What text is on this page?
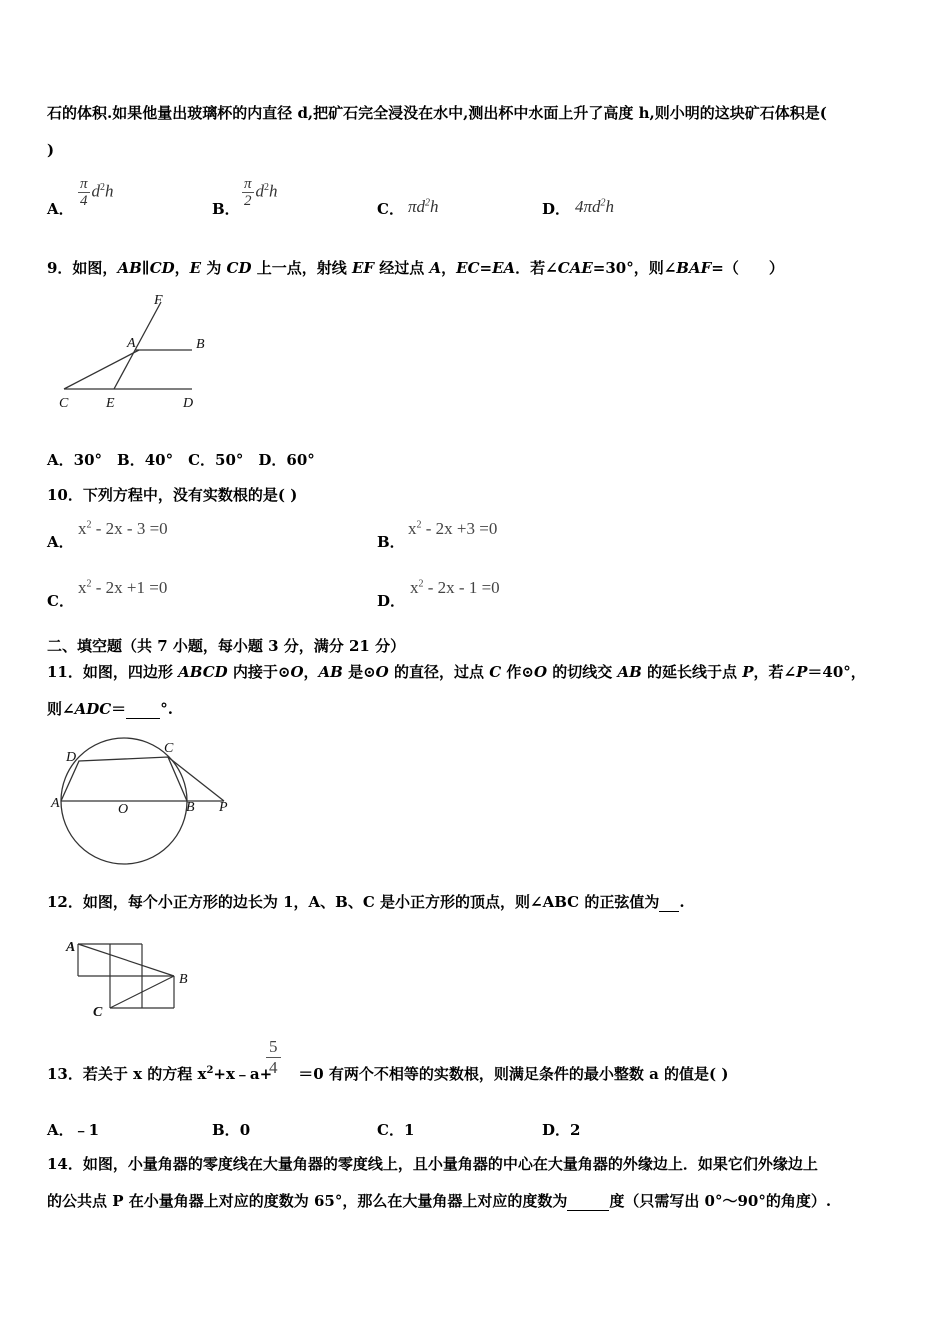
石的体积.如果他量出玻璃杯的内直径 d,把矿石完全浸没在水中,测出杯中水面上升了高度 h,则小明的这块矿石体积是(
)
A． $\frac{\pi}{4} d^2h$
B． $\frac{\pi}{2} d^2h$
C． $\pi d^2h$	D． $4\pi d^2h$
9．如图，AB∥CD，E 为 CD 上一点，射线 EF 经过点 A，EC=EA．若∠CAE=30°，则∠BAF=（　　）
F
A	B
C	E	D
A．30°　B．40°　C．50°　D．60°
10．下列方程中，没有实数根的是( )
A．
$x^2 - 2x - 3 =0$
B．
$x^2 - 2x +3 =0$
C．
$x^2 - 2x +1 =0$
D．
$x^2 - 2x - 1 =0$
二、填空题（共 7 小题，每小题 3 分，满分 21 分）
11．如图，四边形 ABCD 内接于⊙O，AB 是⊙O 的直径，过点 C 作⊙O 的切线交 AB 的延长线于点 P，若∠P＝40°，
则∠ADC＝ °.
D
C
A	O	B P
12．如图，每个小正方形的边长为 1，A、B、C 是小正方形的顶点，则∠ABC 的正弦值为 .
A
B
C
13．若关于 x 的方程 $x^2+x﹣a+ =0$ 有两个不相等的实数根，则满足条件的最小整数 a 的值是( )
$\frac{5}{4}$
A．﹣1	B．0	C．1	D．2
14．如图，小量角器的零度线在大量角器的零度线上，且小量角器的中心在大量角器的外缘边上．如果它们外缘边上
的公共点 P 在小量角器上对应的度数为 65°，那么在大量角器上对应的度数为	度（只需写出 0°～90°的角度）.
